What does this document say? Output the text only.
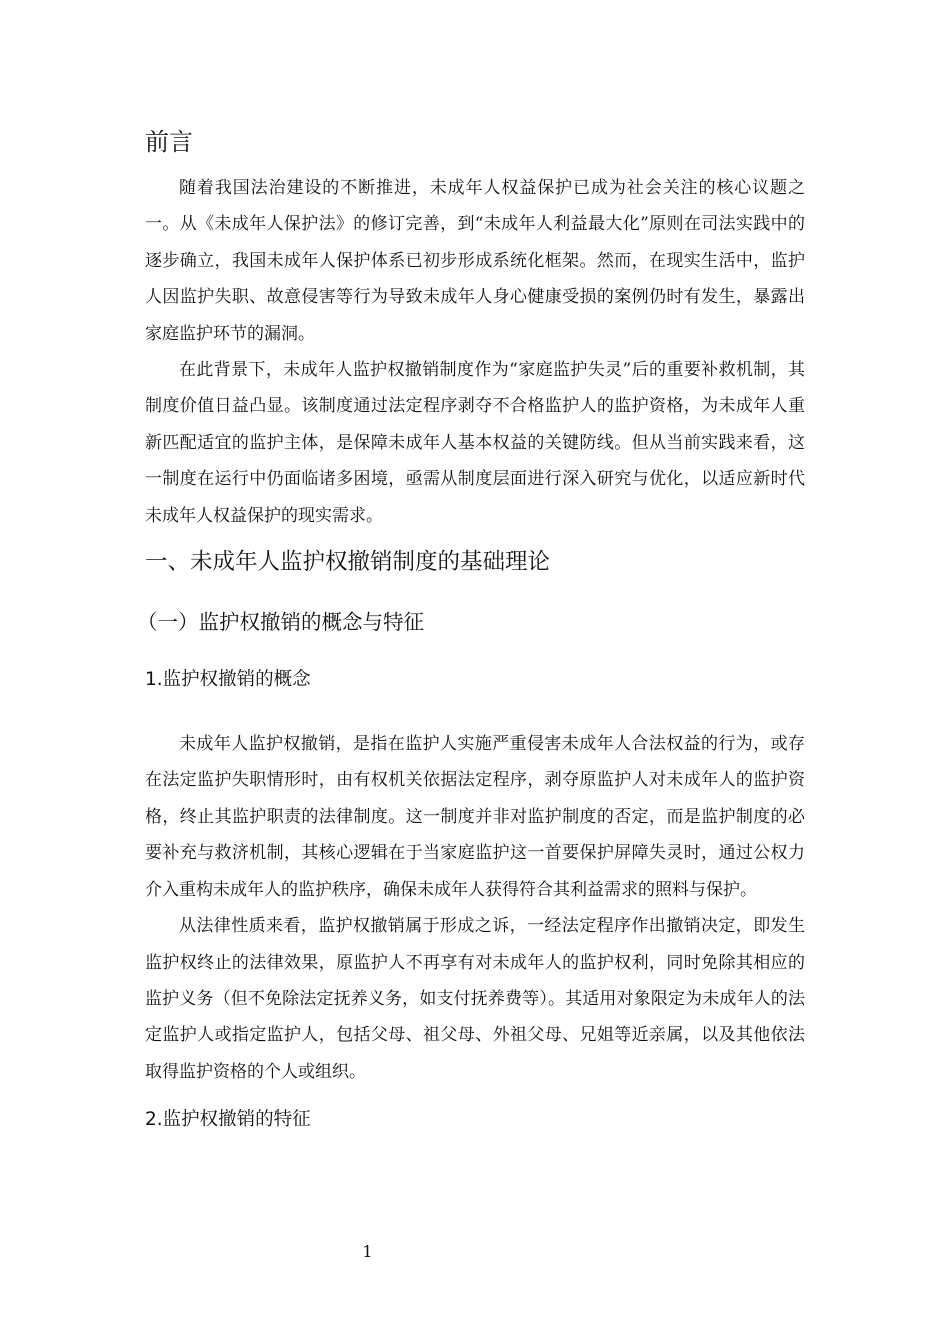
前言

随着我国法治建设的不断推进，未成年人权益保护已成为社会关注的核心议题之一。从《未成年人保护法》的修订完善，到“未成年人利益最大化”原则在司法实践中的逐步确立，我国未成年人保护体系已初步形成系统化框架。然而，在现实生活中，监护人因监护失职、故意侵害等行为导致未成年人身心健康受损的案例仍时有发生，暴露出家庭监护环节的漏洞。

在此背景下，未成年人监护权撤销制度作为“家庭监护失灵”后的重要补救机制，其制度价值日益凸显。该制度通过法定程序剥夺不合格监护人的监护资格，为未成年人重新匹配适宜的监护主体，是保障未成年人基本权益的关键防线。但从当前实践来看，这一制度在运行中仍面临诸多困境，亟需从制度层面进行深入研究与优化，以适应新时代未成年人权益保护的现实需求。

一、未成年人监护权撤销制度的基础理论
（一）监护权撤销的概念与特征
1.监护权撤销的概念

未成年人监护权撤销，是指在监护人实施严重侵害未成年人合法权益的行为，或存在法定监护失职情形时，由有权机关依据法定程序，剥夺原监护人对未成年人的监护资格，终止其监护职责的法律制度。这一制度并非对监护制度的否定，而是监护制度的必要补充与救济机制，其核心逻辑在于当家庭监护这一首要保护屏障失灵时，通过公权力介入重构未成年人的监护秩序，确保未成年人获得符合其利益需求的照料与保护。

从法律性质来看，监护权撤销属于形成之诉，一经法定程序作出撤销决定，即发生监护权终止的法律效果，原监护人不再享有对未成年人的监护权利，同时免除其相应的监护义务（但不免除法定抚养义务，如支付抚养费等）。其适用对象限定为未成年人的法定监护人或指定监护人，包括父母、祖父母、外祖父母、兄姐等近亲属，以及其他依法取得监护资格的个人或组织。

2.监护权撤销的特征
1
